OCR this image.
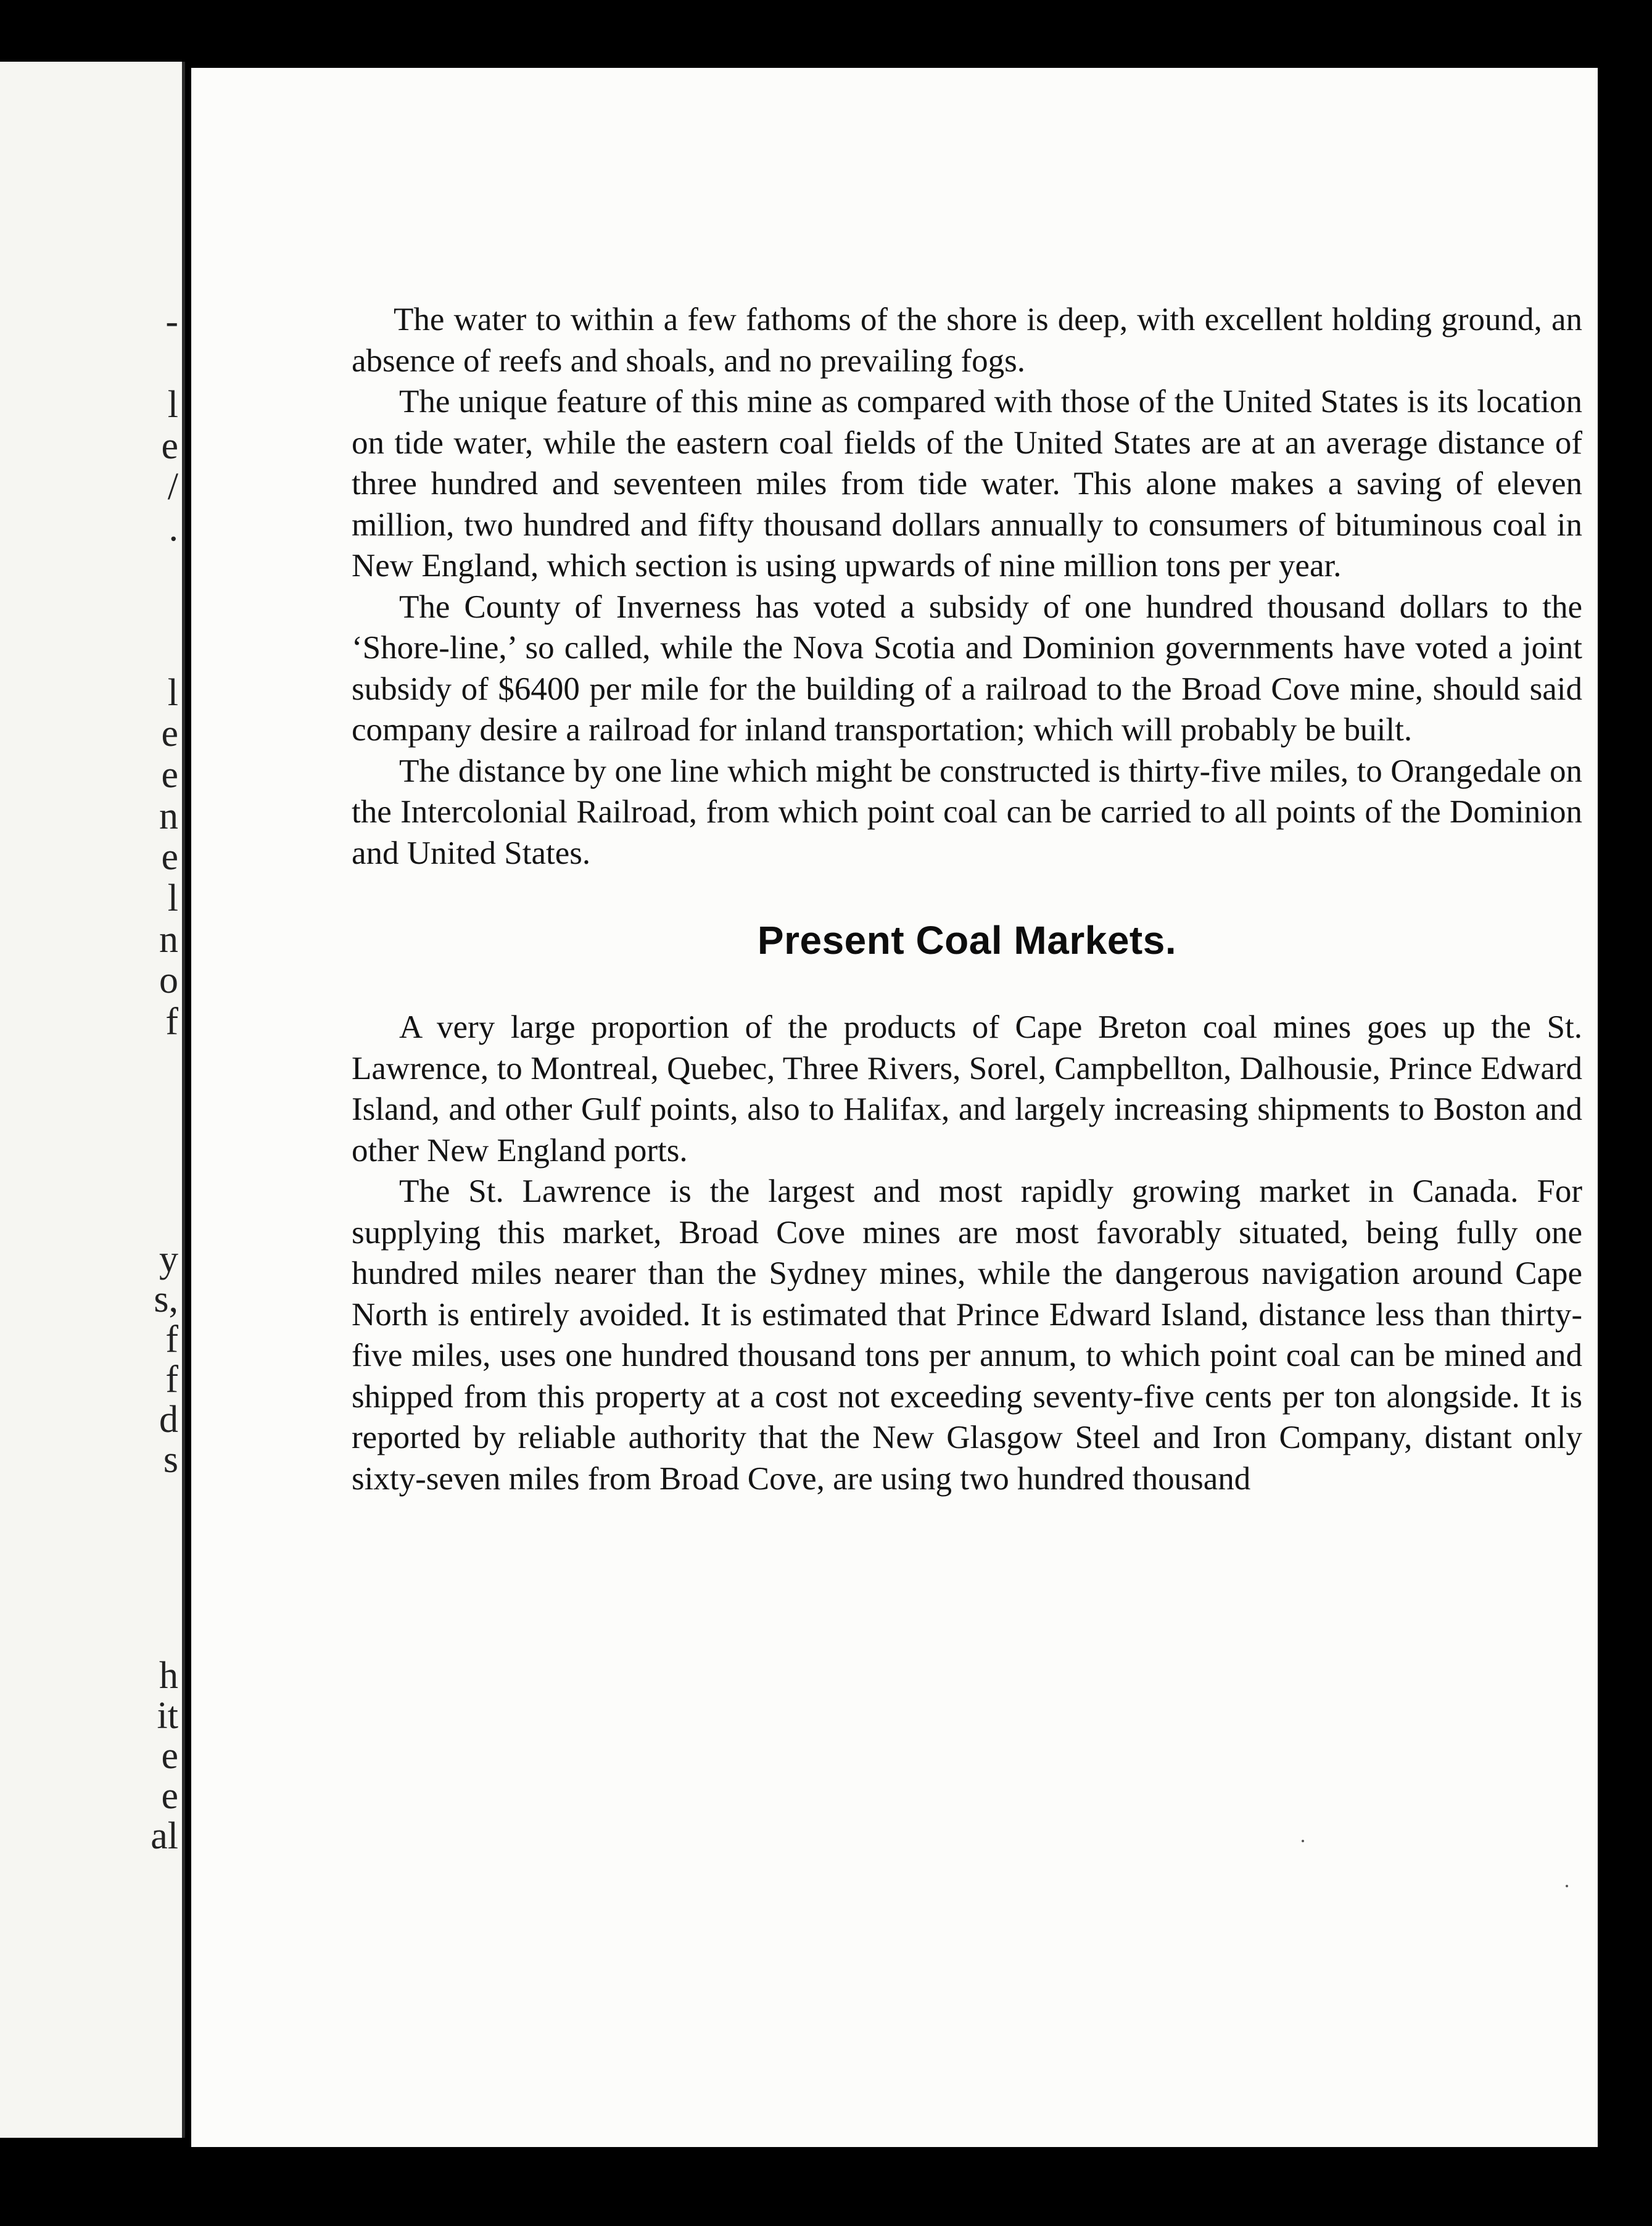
-
l
e
/
.
l
e
e
n
e
l
n
o
f
y
s,
f
f
d
s
h
it
e
e
al

The water to within a few fathoms of the shore is deep, with excellent holding ground, an absence of reefs and shoals, and no prevailing fogs.

The unique feature of this mine as compared with those of the United States is its location on tide water, while the eastern coal fields of the United States are at an average distance of three hundred and seventeen miles from tide water. This alone makes a saving of eleven million, two hundred and fifty thousand dollars annually to consumers of bituminous coal in New England, which section is using upwards of nine million tons per year.

The County of Inverness has voted a subsidy of one hundred thousand dollars to the ‘Shore-line,’ so called, while the Nova Scotia and Dominion governments have voted a joint subsidy of $6400 per mile for the building of a railroad to the Broad Cove mine, should said company desire a railroad for inland transportation; which will probably be built.

The distance by one line which might be constructed is thirty-five miles, to Orangedale on the Intercolonial Railroad, from which point coal can be carried to all points of the Dominion and United States.

Present Coal Markets.

A very large proportion of the products of Cape Breton coal mines goes up the St. Lawrence, to Montreal, Quebec, Three Rivers, Sorel, Campbellton, Dalhousie, Prince Edward Island, and other Gulf points, also to Halifax, and largely increasing shipments to Boston and other New England ports.

The St. Lawrence is the largest and most rapidly growing market in Canada. For supplying this market, Broad Cove mines are most favorably situated, being fully one hundred miles nearer than the Sydney mines, while the dangerous navigation around Cape North is entirely avoided. It is estimated that Prince Edward Island, distance less than thirty-five miles, uses one hundred thousand tons per annum, to which point coal can be mined and shipped from this property at a cost not exceeding seventy-five cents per ton alongside. It is reported by reliable authority that the New Glasgow Steel and Iron Company, distant only sixty-seven miles from Broad Cove, are using two hundred thousand
